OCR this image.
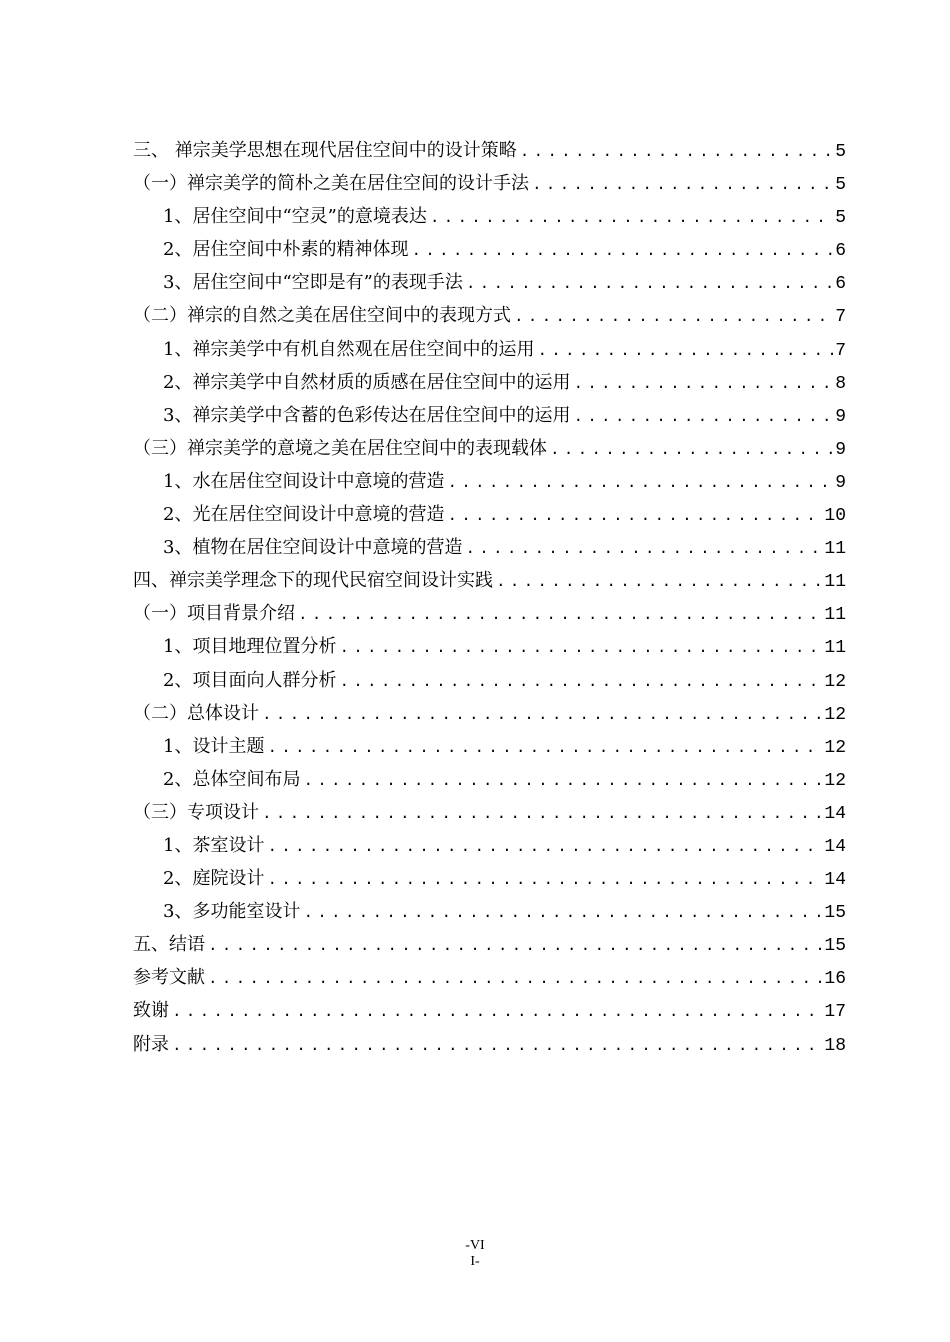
三、 禅宗美学思想在现代居住空间中的设计策略 .....	5
（一）禅宗美学的简朴之美在居住空间的设计手法 .....	5
1、居住空间中“空灵”的意境表达 .....	5
2、居住空间中朴素的精神体现 .....	6
3、居住空间中“空即是有”的表现手法 .....	6
（二）禅宗的自然之美在居住空间中的表现方式 .....	7
1、禅宗美学中有机自然观在居住空间中的运用 .....	7
2、禅宗美学中自然材质的质感在居住空间中的运用 .....	8
3、禅宗美学中含蓄的色彩传达在居住空间中的运用 .....	9
（三）禅宗美学的意境之美在居住空间中的表现载体 .....	9
1、水在居住空间设计中意境的营造 .....	9
2、光在居住空间设计中意境的营造 .....	10
3、植物在居住空间设计中意境的营造 .....	11
四、禅宗美学理念下的现代民宿空间设计实践 .....	11
（一）项目背景介绍 .....	11
1、项目地理位置分析 .....	11
2、项目面向人群分析 .....	12
（二）总体设计 .....	12
1、设计主题 .....	12
2、总体空间布局 .....	12
（三）专项设计 .....	14
1、茶室设计 .....	14
2、庭院设计 .....	14
3、多功能室设计 .....	15
五、结语 .....	15
参考文献 .....	16
致谢 .....	17
附录 .....	18
-VI
I-
